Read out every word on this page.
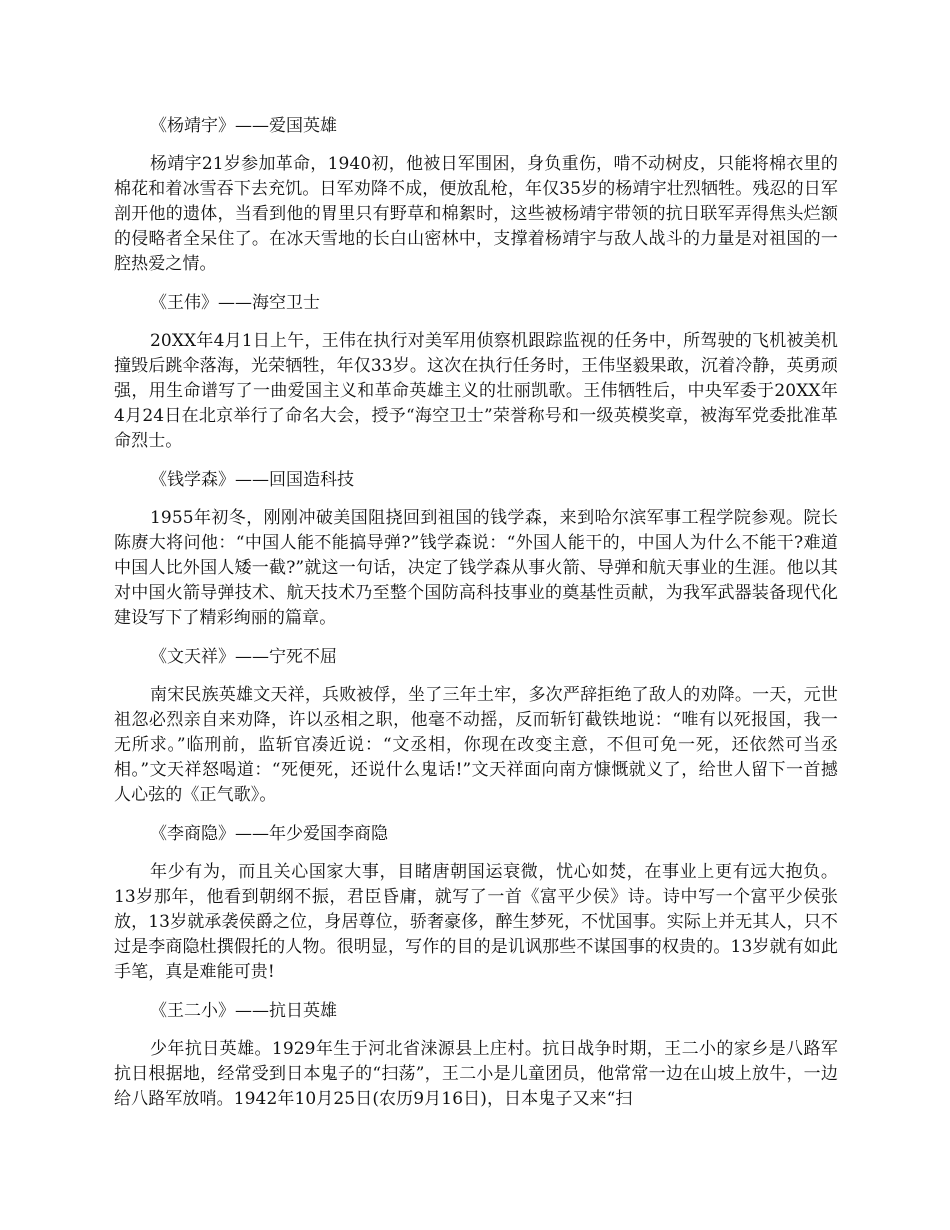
《杨靖宇》——爱国英雄

杨靖宇21岁参加革命，1940初，他被日军围困，身负重伤，啃不动树皮，只能将棉衣里的棉花和着冰雪吞下去充饥。日军劝降不成，便放乱枪，年仅35岁的杨靖宇壮烈牺牲。残忍的日军剖开他的遗体，当看到他的胃里只有野草和棉絮时，这些被杨靖宇带领的抗日联军弄得焦头烂额的侵略者全呆住了。在冰天雪地的长白山密林中，支撑着杨靖宇与敌人战斗的力量是对祖国的一腔热爱之情。

《王伟》——海空卫士

20XX年4月1日上午，王伟在执行对美军用侦察机跟踪监视的任务中，所驾驶的飞机被美机撞毁后跳伞落海，光荣牺牲，年仅33岁。这次在执行任务时，王伟坚毅果敢，沉着冷静，英勇顽强，用生命谱写了一曲爱国主义和革命英雄主义的壮丽凯歌。王伟牺牲后，中央军委于20XX年4月24日在北京举行了命名大会，授予“海空卫士”荣誉称号和一级英模奖章，被海军党委批准革命烈士。

《钱学森》——回国造科技

1955年初冬，刚刚冲破美国阻挠回到祖国的钱学森，来到哈尔滨军事工程学院参观。院长陈赓大将问他：“中国人能不能搞导弹?”钱学森说：“外国人能干的，中国人为什么不能干?难道中国人比外国人矮一截?”就这一句话，决定了钱学森从事火箭、导弹和航天事业的生涯。他以其对中国火箭导弹技术、航天技术乃至整个国防高科技事业的奠基性贡献，为我军武器装备现代化建设写下了精彩绚丽的篇章。

《文天祥》——宁死不屈

南宋民族英雄文天祥，兵败被俘，坐了三年土牢，多次严辞拒绝了敌人的劝降。一天，元世祖忽必烈亲自来劝降，许以丞相之职，他毫不动摇，反而斩钉截铁地说：“唯有以死报国，我一无所求。”临刑前，监斩官凑近说：“文丞相，你现在改变主意，不但可免一死，还依然可当丞相。”文天祥怒喝道：“死便死，还说什么鬼话!”文天祥面向南方慷慨就义了，给世人留下一首撼人心弦的《正气歌》。

《李商隐》——年少爱国李商隐

年少有为，而且关心国家大事，目睹唐朝国运衰微，忧心如焚，在事业上更有远大抱负。13岁那年，他看到朝纲不振，君臣昏庸，就写了一首《富平少侯》诗。诗中写一个富平少侯张放，13岁就承袭侯爵之位，身居尊位，骄奢豪侈，醉生梦死，不忧国事。实际上并无其人，只不过是李商隐杜撰假托的人物。很明显，写作的目的是讥讽那些不谋国事的权贵的。13岁就有如此手笔，真是难能可贵!

《王二小》——抗日英雄

少年抗日英雄。1929年生于河北省涞源县上庄村。抗日战争时期，王二小的家乡是八路军抗日根据地，经常受到日本鬼子的“扫荡”，王二小是儿童团员，他常常一边在山坡上放牛，一边给八路军放哨。1942年10月25日(农历9月16日)，日本鬼子又来“扫
